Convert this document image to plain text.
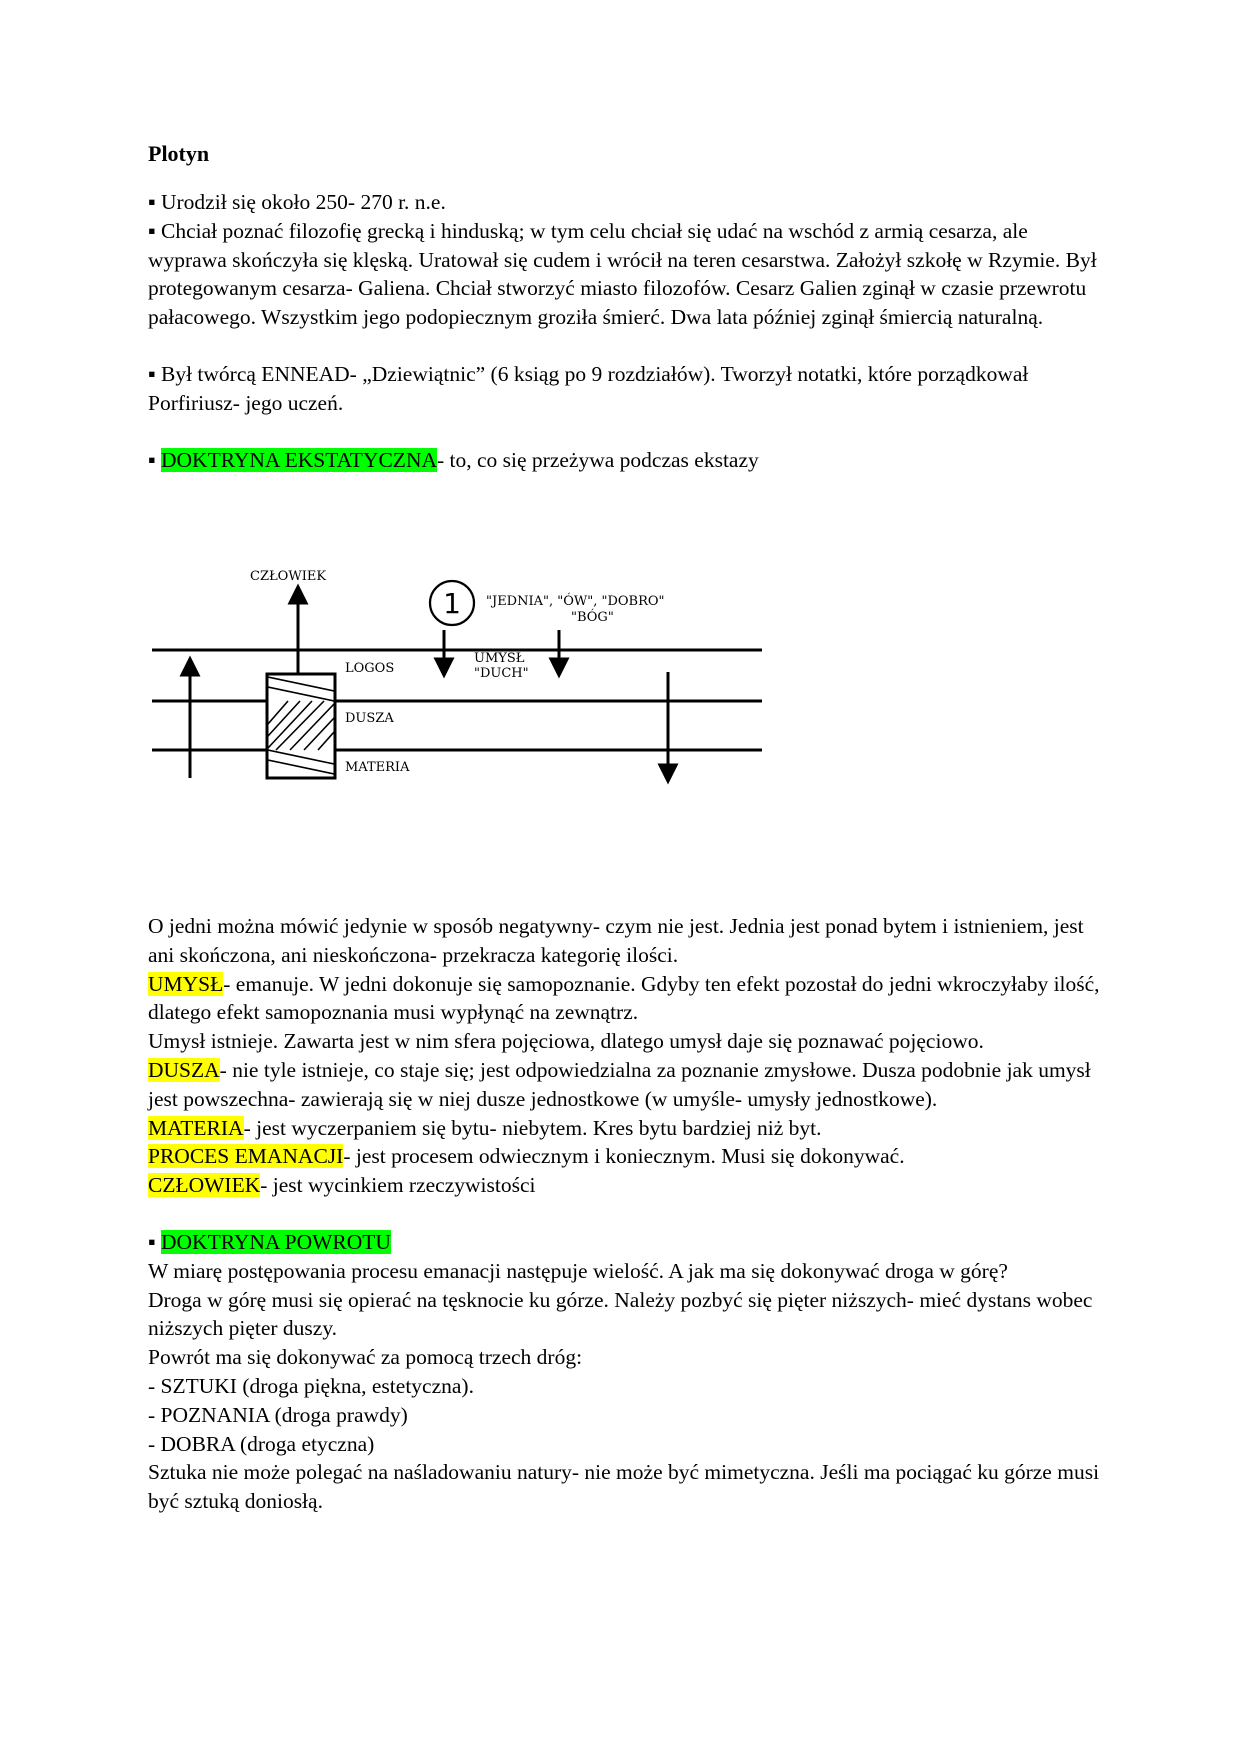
Plotyn

▪ Urodził się około 250- 270 r. n.e.

▪ Chciał poznać filozofię grecką i hinduską; w tym celu chciał się udać na wschód z armią cesarza, ale wyprawa skończyła się klęską. Uratował się cudem i wrócił na teren cesarstwa. Założył szkołę w Rzymie. Był protegowanym cesarza- Galiena. Chciał stworzyć miasto filozofów. Cesarz Galien zginął w czasie przewrotu pałacowego. Wszystkim jego podopiecznym groziła śmierć. Dwa lata później zginął śmiercią naturalną.

▪ Był twórcą ENNEAD- „Dziewiątnic” (6 ksiąg po 9 rozdziałów). Tworzył notatki, które porządkował Porfiriusz- jego uczeń.

▪ DOKTRYNA EKSTATYCZNA- to, co się przeżywa podczas ekstazy

1
CZŁOWIEK
"JEDNIA", "ÓW", "DOBRO"
"BÓG"
UMYSŁ
"DUCH"
LOGOS
DUSZA
MATERIA

O jedni można mówić jedynie w sposób negatywny- czym nie jest. Jednia jest ponad bytem i istnieniem, jest ani skończona, ani nieskończona- przekracza kategorię ilości.

UMYSŁ- emanuje. W jedni dokonuje się samopoznanie. Gdyby ten efekt pozostał do jedni wkroczyłaby ilość, dlatego efekt samopoznania musi wypłynąć na zewnątrz.

Umysł istnieje. Zawarta jest w nim sfera pojęciowa, dlatego umysł daje się poznawać pojęciowo.

DUSZA- nie tyle istnieje, co staje się; jest odpowiedzialna za poznanie zmysłowe. Dusza podobnie jak umysł jest powszechna- zawierają się w niej dusze jednostkowe (w umyśle- umysły jednostkowe).

MATERIA- jest wyczerpaniem się bytu- niebytem. Kres bytu bardziej niż byt.

PROCES EMANACJI- jest procesem odwiecznym i koniecznym. Musi się dokonywać.

CZŁOWIEK- jest wycinkiem rzeczywistości

▪ DOKTRYNA POWROTU

W miarę postępowania procesu emanacji następuje wielość. A jak ma się dokonywać droga w górę?

Droga w górę musi się opierać na tęsknocie ku górze. Należy pozbyć się pięter niższych- mieć dystans wobec niższych pięter duszy.

Powrót ma się dokonywać za pomocą trzech dróg:

- SZTUKI (droga piękna, estetyczna).

- POZNANIA (droga prawdy)

- DOBRA (droga etyczna)

Sztuka nie może polegać na naśladowaniu natury- nie może być mimetyczna. Jeśli ma pociągać ku górze musi być sztuką doniosłą.
